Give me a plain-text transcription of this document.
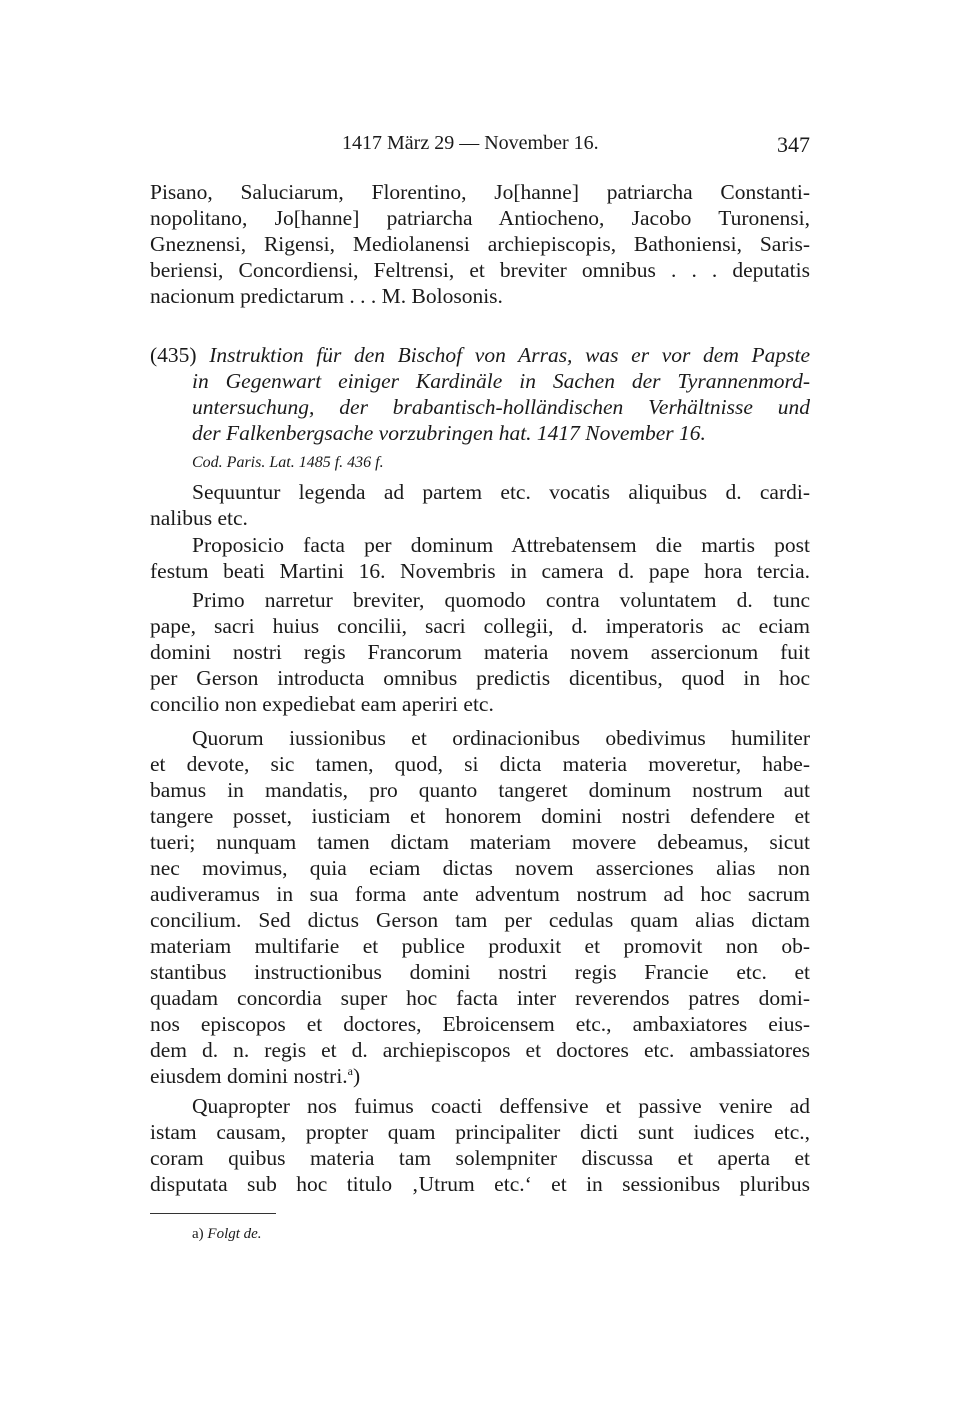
1417 März 29 — November 16.	347
Pisano, Saluciarum, Florentino, Jo[hanne] patriarcha Constanti-
nopolitano, Jo[hanne] patriarcha Antiocheno, Jacobo Turonensi,
Gneznensi, Rigensi, Mediolanensi archiepiscopis, Bathoniensi, Saris-
beriensi, Concordiensi, Feltrensi, et breviter omnibus . . . deputatis
nacionum predictarum . . . M. Bolosonis.
(435) Instruktion für den Bischof von Arras, was er vor dem Papste
in Gegenwart einiger Kardinäle in Sachen der Tyrannenmord-
untersuchung, der brabantisch-holländischen Verhältnisse und
der Falkenbergsache vorzubringen hat. 1417 November 16.
Cod. Paris. Lat. 1485 f. 436 f.
Sequuntur legenda ad partem etc. vocatis aliquibus d. cardi-
nalibus etc.
Proposicio facta per dominum Attrebatensem die martis post
festum beati Martini 16. Novembris in camera d. pape hora tercia.
Primo narretur breviter, quomodo contra voluntatem d. tunc
pape, sacri huius concilii, sacri collegii, d. imperatoris ac eciam
domini nostri regis Francorum materia novem assercionum fuit
per Gerson introducta omnibus predictis dicentibus, quod in hoc
concilio non expediebat eam aperiri etc.
Quorum iussionibus et ordinacionibus obedivimus humiliter
et devote, sic tamen, quod, si dicta materia moveretur, habe-
bamus in mandatis, pro quanto tangeret dominum nostrum aut
tangere posset, iusticiam et honorem domini nostri defendere et
tueri; nunquam tamen dictam materiam movere debeamus, sicut
nec movimus, quia eciam dictas novem asserciones alias non
audiveramus in sua forma ante adventum nostrum ad hoc sacrum
concilium. Sed dictus Gerson tam per cedulas quam alias dictam
materiam multifarie et publice produxit et promovit non ob-
stantibus instructionibus domini nostri regis Francie etc. et
quadam concordia super hoc facta inter reverendos patres domi-
nos episcopos et doctores, Ebroicensem etc., ambaxiatores eius-
dem d. n. regis et d. archiepiscopos et doctores etc. ambassiatores
eiusdem domini nostri.$^a$)
Quapropter nos fuimus coacti deffensive et passive venire ad
istam causam, propter quam principaliter dicti sunt iudices etc.,
coram quibus materia tam solempniter discussa et aperta et
disputata sub hoc titulo ‚Utrum etc.‘ et in sessionibus pluribus
a) Folgt de.
